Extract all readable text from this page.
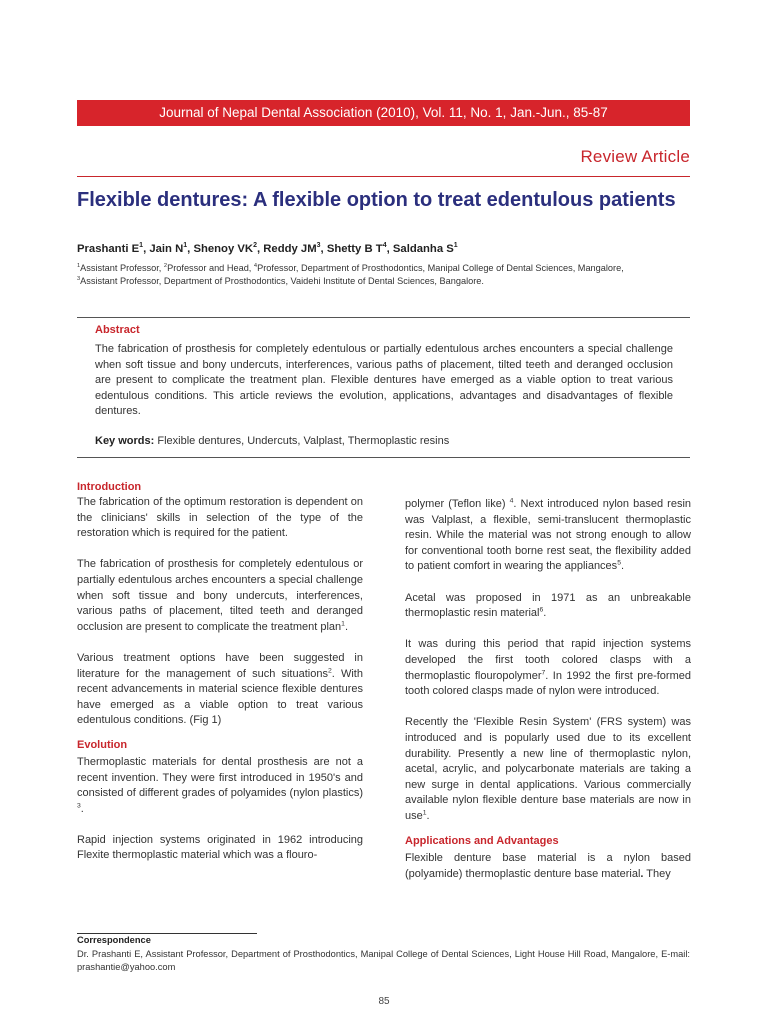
Journal of Nepal Dental Association (2010), Vol. 11, No. 1, Jan.-Jun., 85-87
Review Article
Flexible dentures: A flexible option to treat edentulous patients
Prashanti $E^1$, Jain $N^1$, Shenoy $VK^2$, Reddy $JM^3$, Shetty B $T^4$, Saldanha $S^1$
$^1$Assistant Professor, $^2$Professor and Head, $^4$Professor, Department of Prosthodontics, Manipal College of Dental Sciences, Mangalore,
$^3$Assistant Professor, Department of Prosthodontics, Vaidehi Institute of Dental Sciences, Bangalore.
Abstract
The fabrication of prosthesis for completely edentulous or partially edentulous arches encounters a special challenge when soft tissue and bony undercuts, interferences, various paths of placement, tilted teeth and deranged occlusion are present to complicate the treatment plan. Flexible dentures have emerged as a viable option to treat various edentulous conditions. This article reviews the evolution, applications, advantages and disadvantages of flexible dentures.
Key words: Flexible dentures, Undercuts, Valplast, Thermoplastic resins
Introduction

The fabrication of the optimum restoration is dependent on the clinicians' skills in selection of the type of the restoration which is required for the patient.

The fabrication of prosthesis for completely edentulous or partially edentulous arches encounters a special challenge when soft tissue and bony undercuts, interferences, various paths of placement, tilted teeth and deranged occlusion are present to complicate the treatment plan$^1$.

Various treatment options have been suggested in literature for the management of such situations$^2$. With recent advancements in material science flexible dentures have emerged as a viable option to treat various edentulous conditions. (Fig 1)

Evolution

Thermoplastic materials for dental prosthesis are not a recent invention. They were first introduced in 1950's and consisted of different grades of polyamides (nylon plastics) $^3$.

Rapid injection systems originated in 1962 introducing Flexite thermoplastic material which was a flouro-

polymer (Teflon like) $^4$. Next introduced nylon based resin was Valplast, a flexible, semi-translucent thermoplastic resin. While the material was not strong enough to allow for conventional tooth borne rest seat, the flexibility added to patient comfort in wearing the appliances$^5$.

Acetal was proposed in 1971 as an unbreakable thermoplastic resin material$^6$.

It was during this period that rapid injection systems developed the first tooth colored clasps with a thermoplastic flouropolymer$^7$. In 1992 the first pre-formed tooth colored clasps made of nylon were introduced.

Recently the 'Flexible Resin System' (FRS system) was introduced and is popularly used due to its excellent durability. Presently a new line of thermoplastic nylon, acetal, acrylic, and polycarbonate materials are taking a new surge in dental applications. Various commercially available nylon flexible denture base materials are now in use$^1$.

Applications and Advantages

Flexible denture base material is a nylon based (polyamide) thermoplastic denture base material. They

Correspondence
Dr. Prashanti E, Assistant Professor, Department of Prosthodontics, Manipal College of Dental Sciences, Light House Hill Road, Mangalore, E-mail: prashantie@yahoo.com
85
